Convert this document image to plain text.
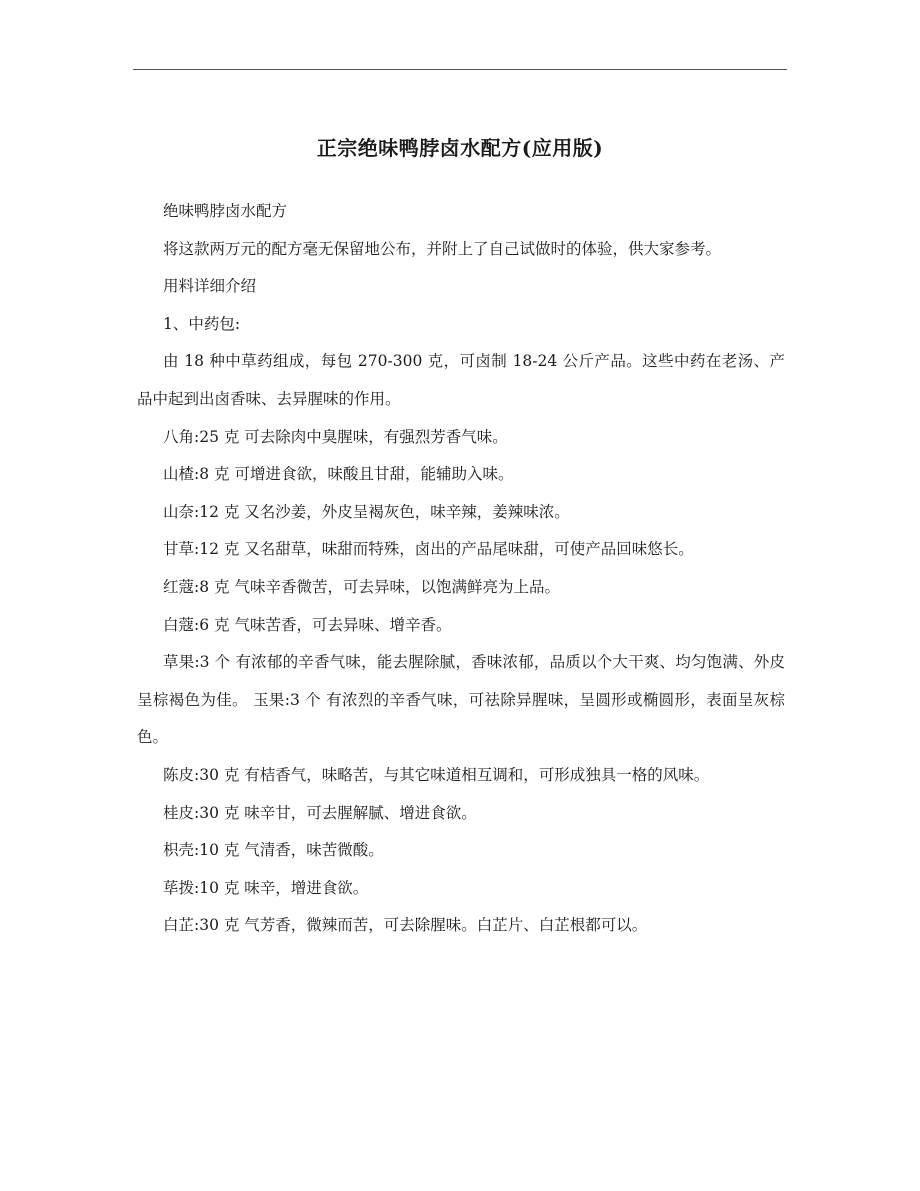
正宗绝味鸭脖卤水配方(应用版)

绝味鸭脖卤水配方

将这款两万元的配方毫无保留地公布，并附上了自己试做时的体验，供大家参考。

用料详细介绍

1、中药包:

由 18 种中草药组成，每包 270-300 克，可卤制 18-24 公斤产品。这些中药在老汤、产品中起到出卤香味、去异腥味的作用。

八角:25 克 可去除肉中臭腥味，有强烈芳香气味。

山楂:8 克 可增进食欲，味酸且甘甜，能辅助入味。

山奈:12 克 又名沙姜，外皮呈褐灰色，味辛辣，姜辣味浓。

甘草:12 克 又名甜草，味甜而特殊，卤出的产品尾味甜，可使产品回味悠长。

红蔻:8 克 气味辛香微苦，可去异味，以饱满鲜亮为上品。

白蔻:6 克 气味苦香，可去异味、增辛香。

草果:3 个 有浓郁的辛香气味，能去腥除腻，香味浓郁，品质以个大干爽、均匀饱满、外皮呈棕褐色为佳。 玉果:3 个 有浓烈的辛香气味，可祛除异腥味，呈圆形或椭圆形，表面呈灰棕色。

陈皮:30 克 有桔香气，味略苦，与其它味道相互调和，可形成独具一格的风味。

桂皮:30 克 味辛甘，可去腥解腻、增进食欲。

枳壳:10 克 气清香，味苦微酸。

荜拨:10 克 味辛，增进食欲。

白芷:30 克 气芳香，微辣而苦，可去除腥味。白芷片、白芷根都可以。
